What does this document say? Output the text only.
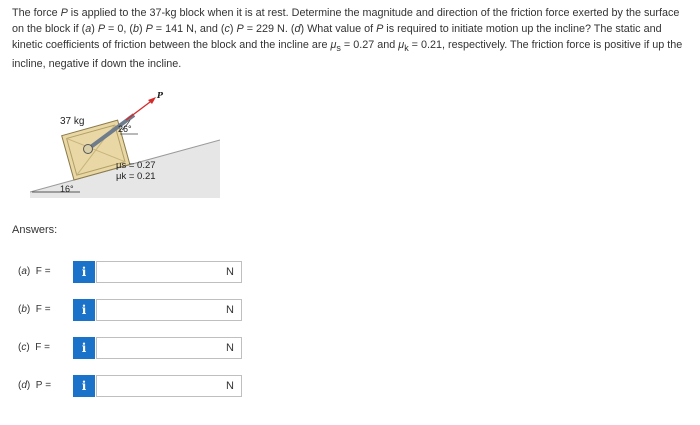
The force P is applied to the 37-kg block when it is at rest. Determine the magnitude and direction of the friction force exerted by the surface on the block if (a) P = 0, (b) P = 141 N, and (c) P = 229 N. (d) What value of P is required to initiate motion up the incline? The static and kinetic coefficients of friction between the block and the incline are $\mu_s = 0.27$ and $\mu_k = 0.21$, respectively. The friction force is positive if up the incline, negative if down the incline.
P
37 kg
26°
μs = 0.27
μk = 0.21
16°
Answers:
(a)  F =	i	N
(b)  F =	i	N
(c)  F =	i	N
(d)  P =	i	N
